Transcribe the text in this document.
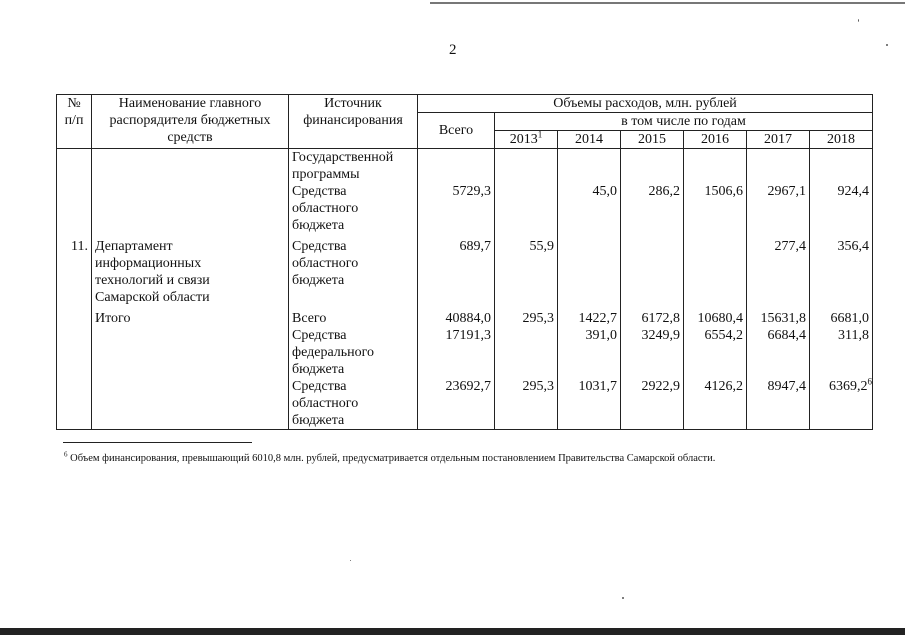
2
№
п/п	Наименование главного
распорядителя бюджетных
средств	Источник
финансирования	Объемы расходов, млн. рублей						
			Всего	в том числе по годам					
				2013$^1$	2014	2015	2016	2017	2018
		Государственной
программы							
		Средства
областного
бюджета	5729,3		45,0	286,2	1506,6	2967,1	924,4

11.	Департамент
информационных
технологий и связи
Самарской области	Средства
областного
бюджета	689,7	55,9				277,4	356,4

	Итого	Всего	40884,0	295,3	1422,7	6172,8	10680,4	15631,8	6681,0
		Средства
федерального
бюджета	17191,3		391,0	3249,9	6554,2	6684,4	311,8
		Средства
областного
бюджета	23692,7	295,3	1031,7	2922,9	4126,2	8947,4	6369,2$^6$
$^6$ Объем финансирования, превышающий 6010,8 млн. рублей, предусматривается отдельным постановлением Правительства Самарской области.
